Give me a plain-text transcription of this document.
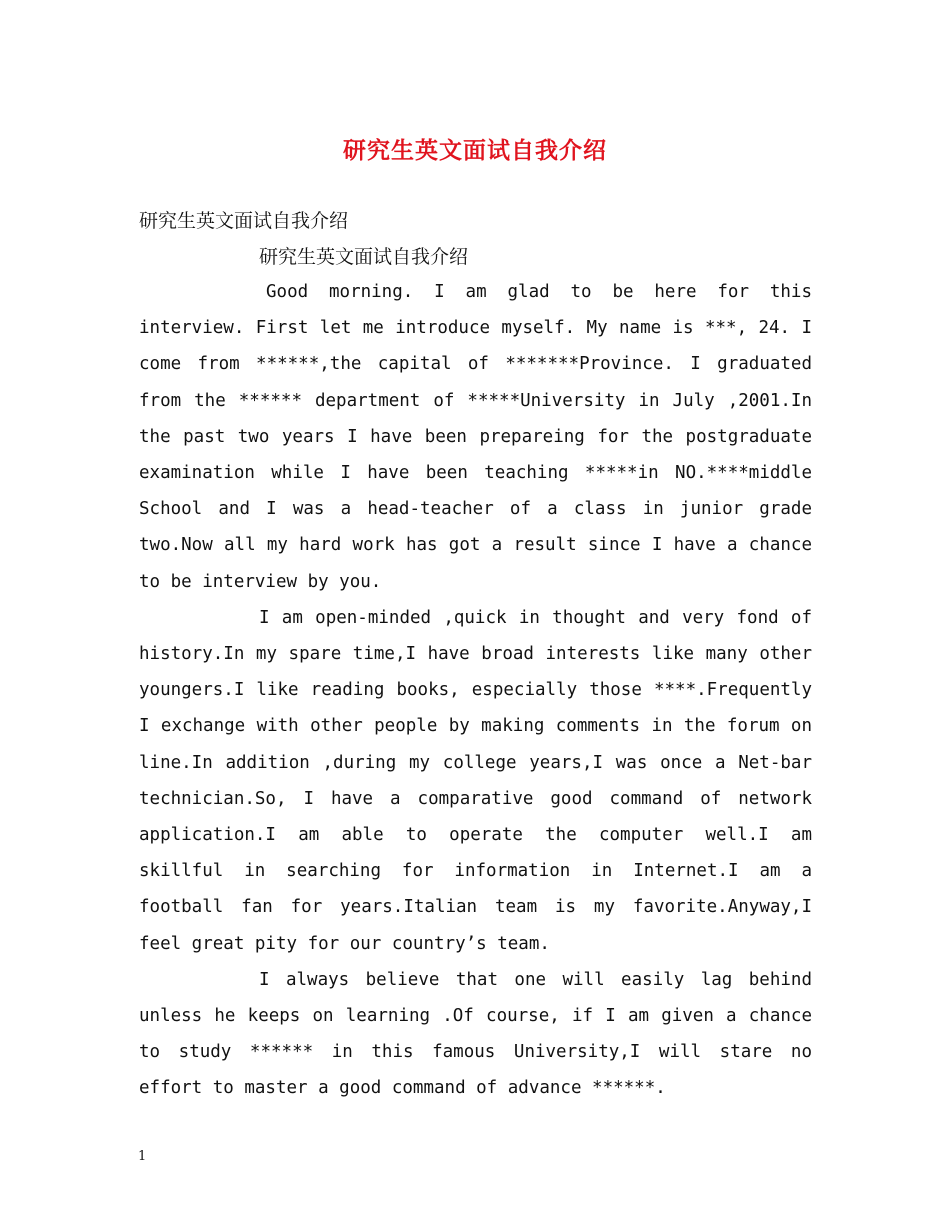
研究生英文面试自我介绍
研究生英文面试自我介绍
研究生英文面试自我介绍

Good morning. I am glad to be here for this interview. First let me introduce myself. My name is ***, 24. I come from ******,the capital of *******Province. I graduated from the ****** department of *****University in July ,2001.In the past two years I have been prepareing for the postgraduate examination while I have been teaching *****in NO.****middle School and I was a head-teacher of a class in junior grade two.Now all my hard work has got a result since I have a chance to be interview by you.

I am open-minded ,quick in thought and very fond of history.In my spare time,I have broad interests like many other youngers.I like reading books, especially those ****.Frequently I exchange with other people by making comments in the forum on line.In addition ,during my college years,I was once a Net-bar technician.So, I have a comparative good command of network application.I am able to operate the computer well.I am skillful in searching for information in Internet.I am a football fan for years.Italian team is my favorite.Anyway,I feel great pity for our country’s team.

I always believe that one will easily lag behind unless he keeps on learning .Of course, if I am given a chance to study ****** in this famous University,I will stare no effort to master a good command of advance ******.

1
